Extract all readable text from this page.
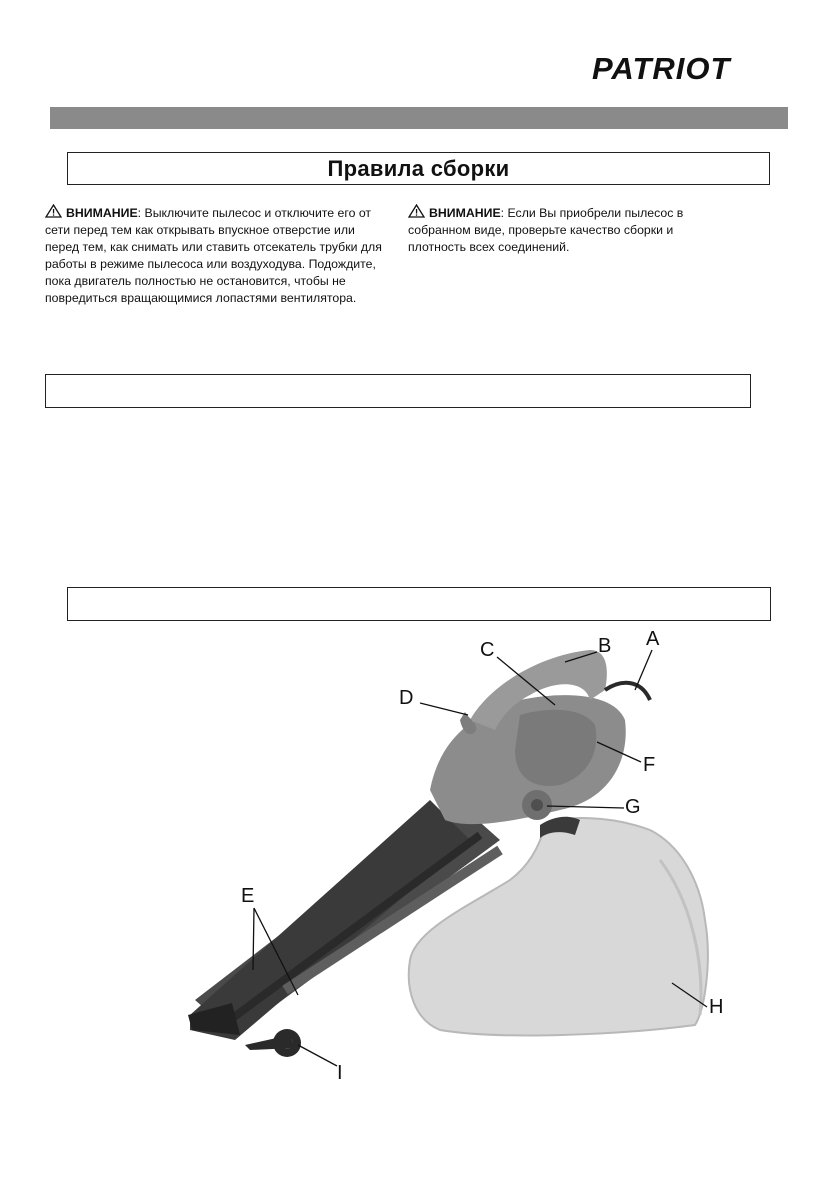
PATRIOT
Правила сборки
ВНИМАНИЕ: Выключите пылесос и отключите его от сети перед тем как открывать впускное отверстие или перед тем, как снимать или ставить отсекатель трубки для работы в режиме пылесоса или воздуходува. Подождите, пока двигатель полностью не остановится, чтобы не повредиться вращающимися лопастями вентилятора.
ВНИМАНИЕ: Если Вы приобрели пылесос в собранном виде, проверьте качество сборки и плотность всех соединений.
A
B
C
D
E
F
G
H
I
